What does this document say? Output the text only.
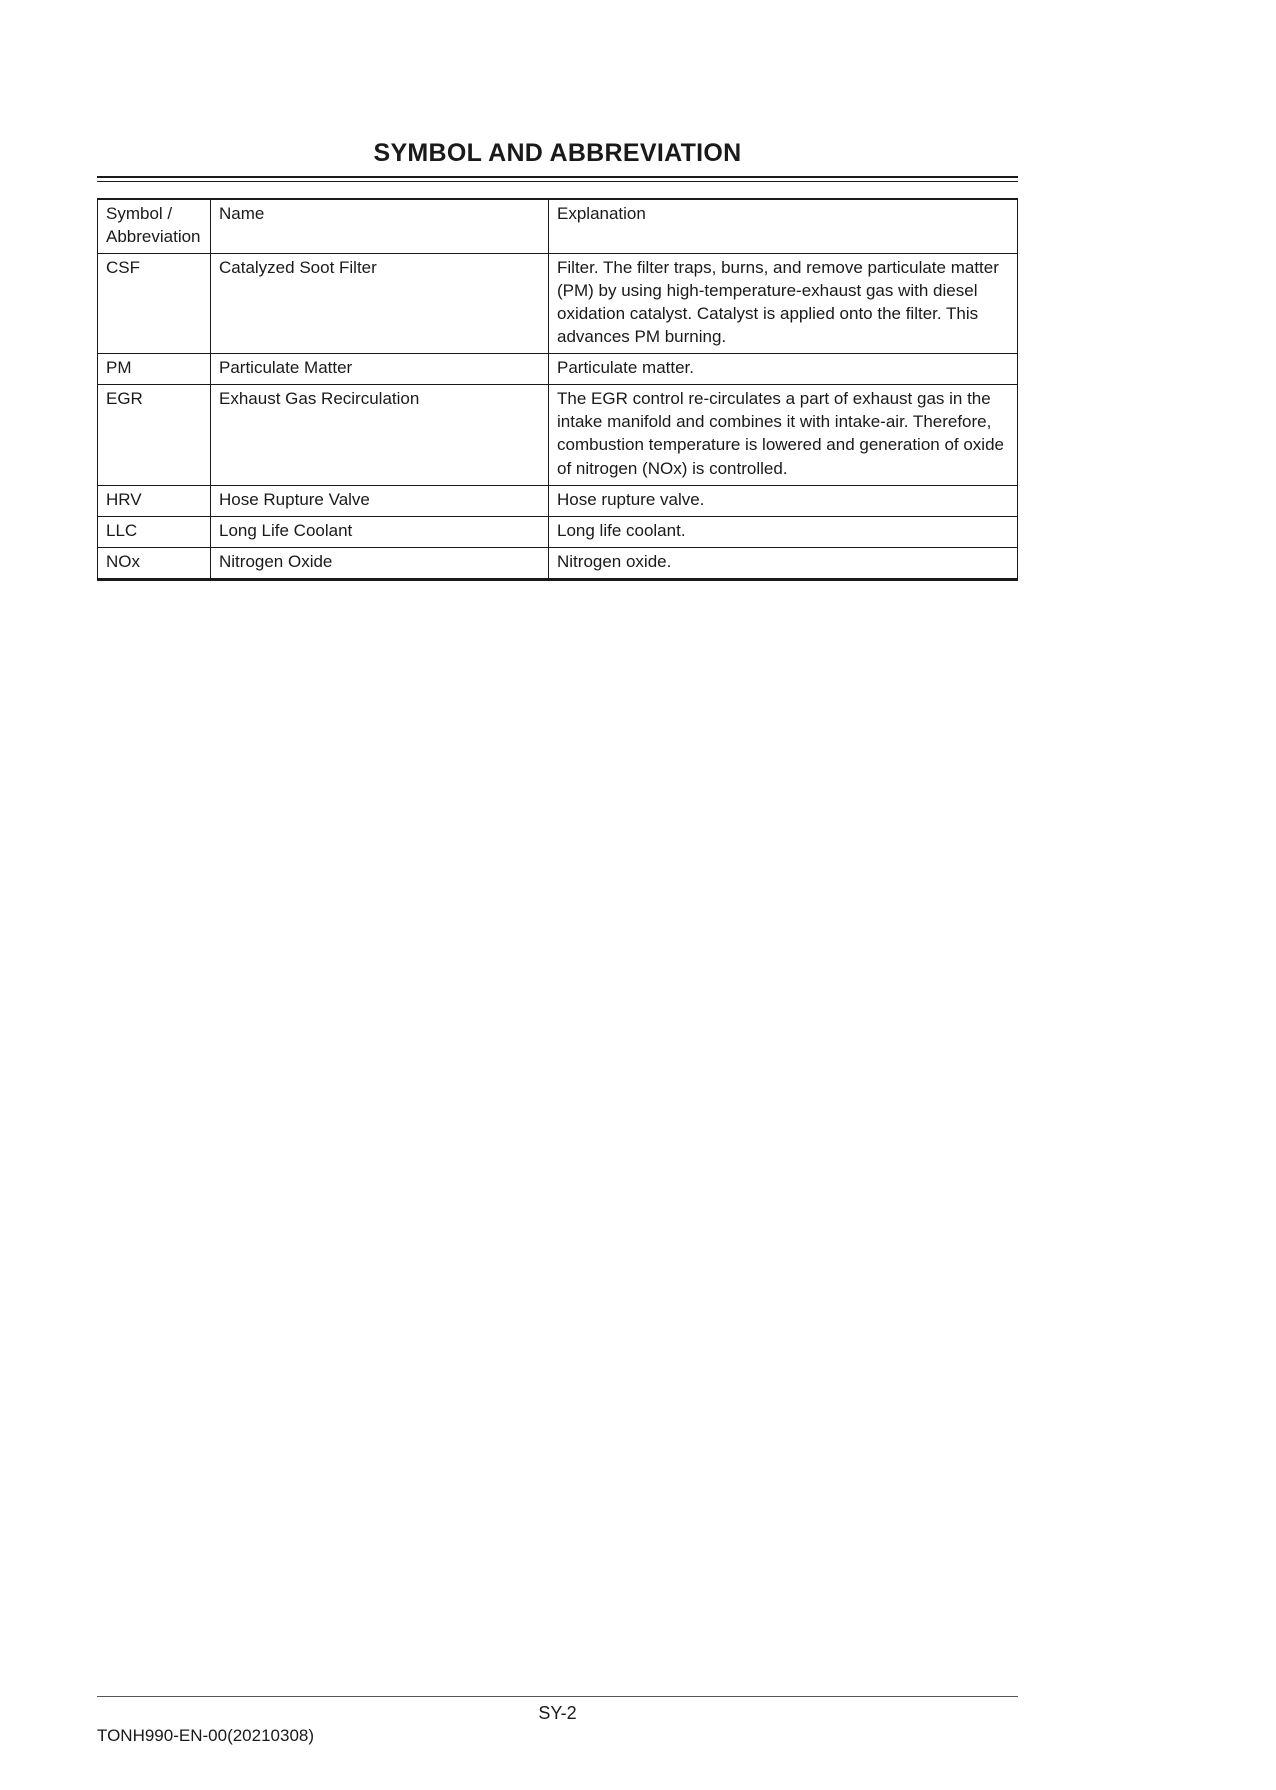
SYMBOL AND ABBREVIATION
Symbol / Abbreviation	Name	Explanation
CSF	Catalyzed Soot Filter	Filter. The filter traps, burns, and remove particulate matter (PM) by using high-temperature-exhaust gas with diesel oxidation catalyst. Catalyst is applied onto the filter. This advances PM burning.
PM	Particulate Matter	Particulate matter.
EGR	Exhaust Gas Recirculation	The EGR control re-circulates a part of exhaust gas in the intake manifold and combines it with intake-air. Therefore, combustion temperature is lowered and generation of oxide of nitrogen (NOx) is controlled.
HRV	Hose Rupture Valve	Hose rupture valve.
LLC	Long Life Coolant	Long life coolant.
NOx	Nitrogen Oxide	Nitrogen oxide.
SY-2
TONH990-EN-00(20210308)
